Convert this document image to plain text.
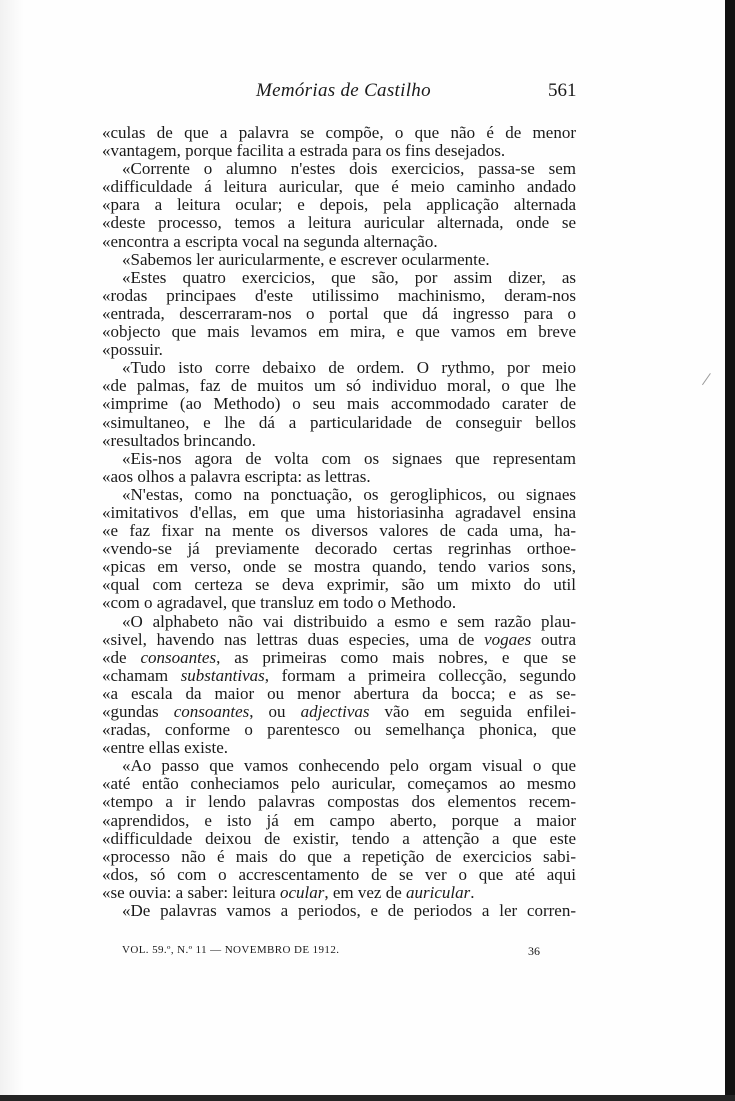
Memórias de Castilho	561
«culas de que a palavra se compõe, o que não é de menor
«vantagem, porque facilita a estrada para os fins desejados.
«Corrente o alumno n'estes dois exercicios, passa-se sem
«difficuldade á leitura auricular, que é meio caminho andado
«para a leitura ocular; e depois, pela applicação alternada
«deste processo, temos a leitura auricular alternada, onde se
«encontra a escripta vocal na segunda alternação.
«Sabemos ler auricularmente, e escrever ocularmente.
«Estes quatro exercicios, que são, por assim dizer, as
«rodas principaes d'este utilissimo machinismo, deram-nos
«entrada, descerraram-nos o portal que dá ingresso para o
«objecto que mais levamos em mira, e que vamos em breve
«possuir.
«Tudo isto corre debaixo de ordem. O rythmo, por meio
«de palmas, faz de muitos um só individuo moral, o que lhe
«imprime (ao Methodo) o seu mais accommodado carater de
«simultaneo, e lhe dá a particularidade de conseguir bellos
«resultados brincando.
«Eis-nos agora de volta com os signaes que representam
«aos olhos a palavra escripta: as lettras.
«N'estas, como na ponctuação, os gerogliphicos, ou signaes
«imitativos d'ellas, em que uma historiasinha agradavel ensina
«e faz fixar na mente os diversos valores de cada uma, ha-
«vendo-se já previamente decorado certas regrinhas orthoe-
«picas em verso, onde se mostra quando, tendo varios sons,
«qual com certeza se deva exprimir, são um mixto do util
«com o agradavel, que transluz em todo o Methodo.
«O alphabeto não vai distribuido a esmo e sem razão plau-
«sivel, havendo nas lettras duas especies, uma de vogaes outra
«de consoantes, as primeiras como mais nobres, e que se
«chamam substantivas, formam a primeira collecção, segundo
«a escala da maior ou menor abertura da bocca; e as se-
«gundas consoantes, ou adjectivas vão em seguida enfilei-
«radas, conforme o parentesco ou semelhança phonica, que
«entre ellas existe.
«Ao passo que vamos conhecendo pelo orgam visual o que
«até então conheciamos pelo auricular, começamos ao mesmo
«tempo a ir lendo palavras compostas dos elementos recem-
«aprendidos, e isto já em campo aberto, porque a maior
«difficuldade deixou de existir, tendo a attenção a que este
«processo não é mais do que a repetição de exercicios sabi-
«dos, só com o accrescentamento de se ver o que até aqui
«se ouvia: a saber: leitura ocular, em vez de auricular.
«De palavras vamos a periodos, e de periodos a ler corren-
VOL. 59.º, N.º 11 — NOVEMBRO DE 1912.	36
